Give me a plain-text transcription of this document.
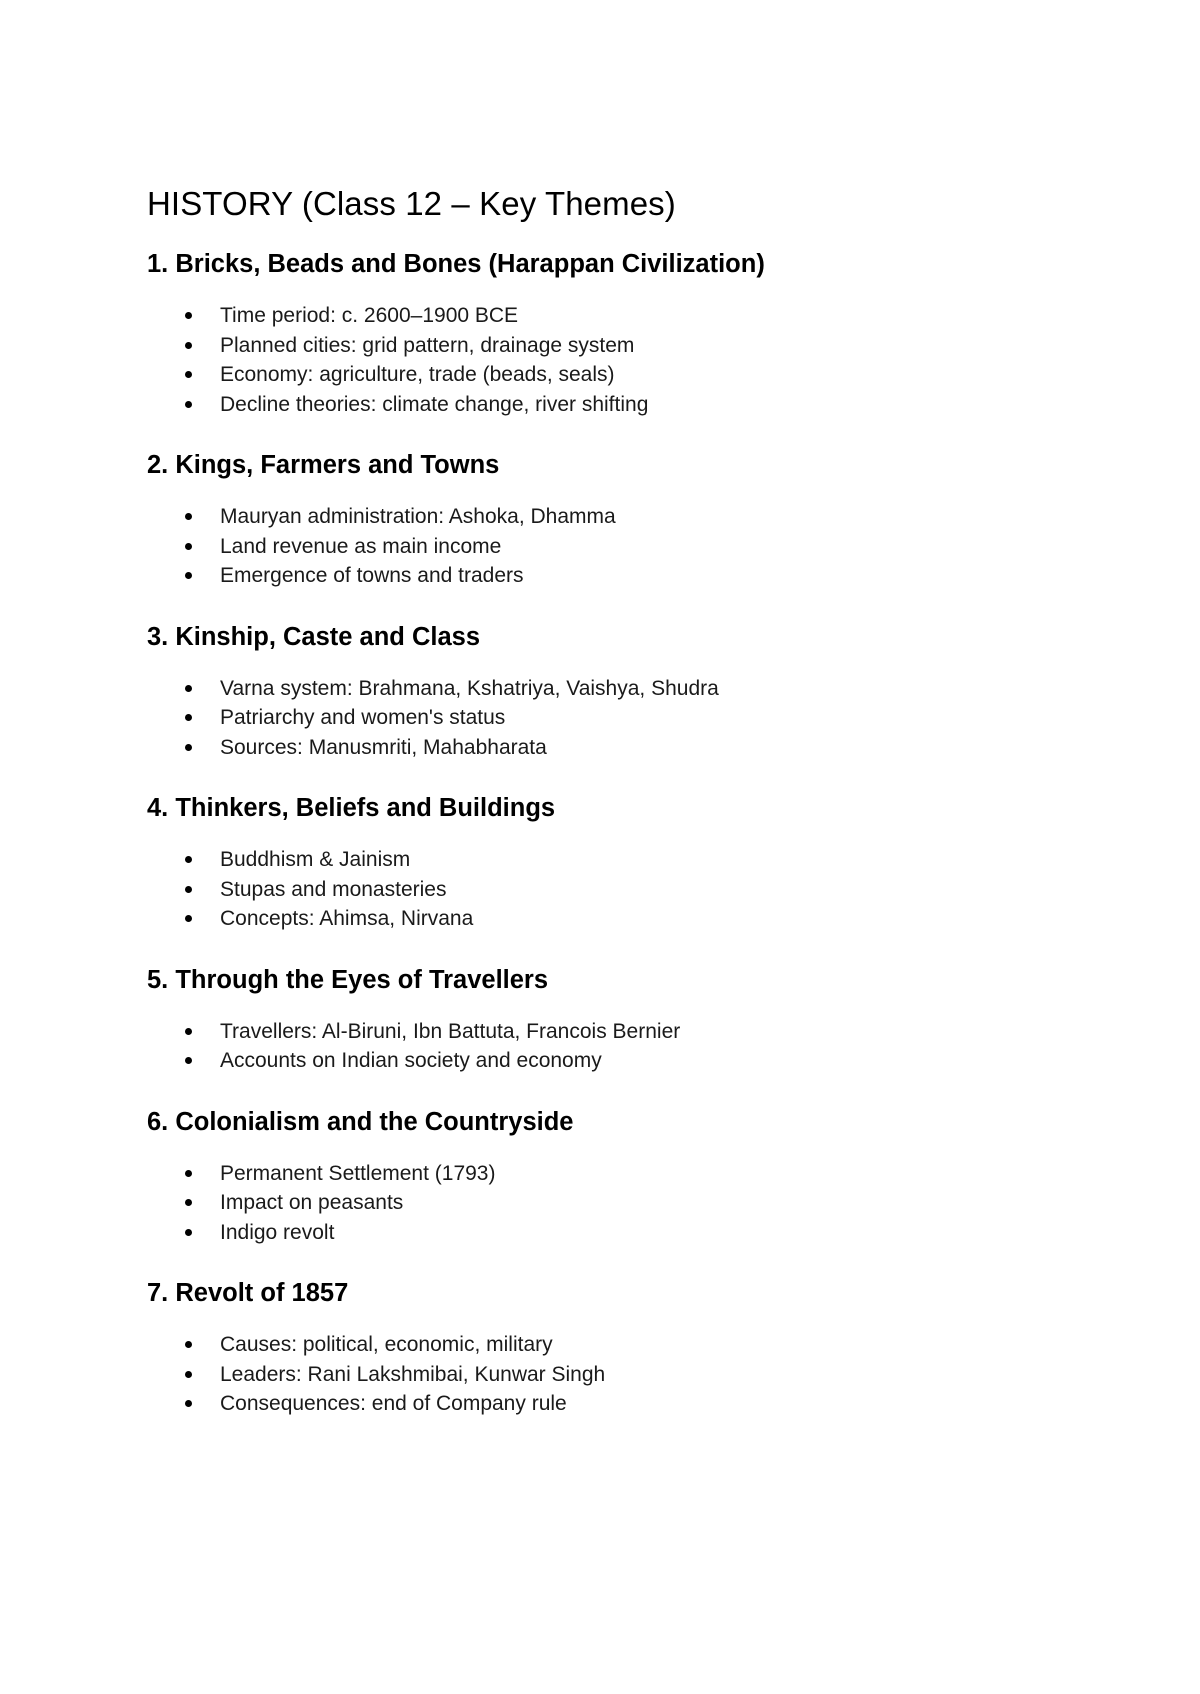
HISTORY (Class 12 – Key Themes)
1. Bricks, Beads and Bones (Harappan Civilization)
Time period: c. 2600–1900 BCE
Planned cities: grid pattern, drainage system
Economy: agriculture, trade (beads, seals)
Decline theories: climate change, river shifting
2. Kings, Farmers and Towns
Mauryan administration: Ashoka, Dhamma
Land revenue as main income
Emergence of towns and traders
3. Kinship, Caste and Class
Varna system: Brahmana, Kshatriya, Vaishya, Shudra
Patriarchy and women's status
Sources: Manusmriti, Mahabharata
4. Thinkers, Beliefs and Buildings
Buddhism & Jainism
Stupas and monasteries
Concepts: Ahimsa, Nirvana
5. Through the Eyes of Travellers
Travellers: Al-Biruni, Ibn Battuta, Francois Bernier
Accounts on Indian society and economy
6. Colonialism and the Countryside
Permanent Settlement (1793)
Impact on peasants
Indigo revolt
7. Revolt of 1857
Causes: political, economic, military
Leaders: Rani Lakshmibai, Kunwar Singh
Consequences: end of Company rule
